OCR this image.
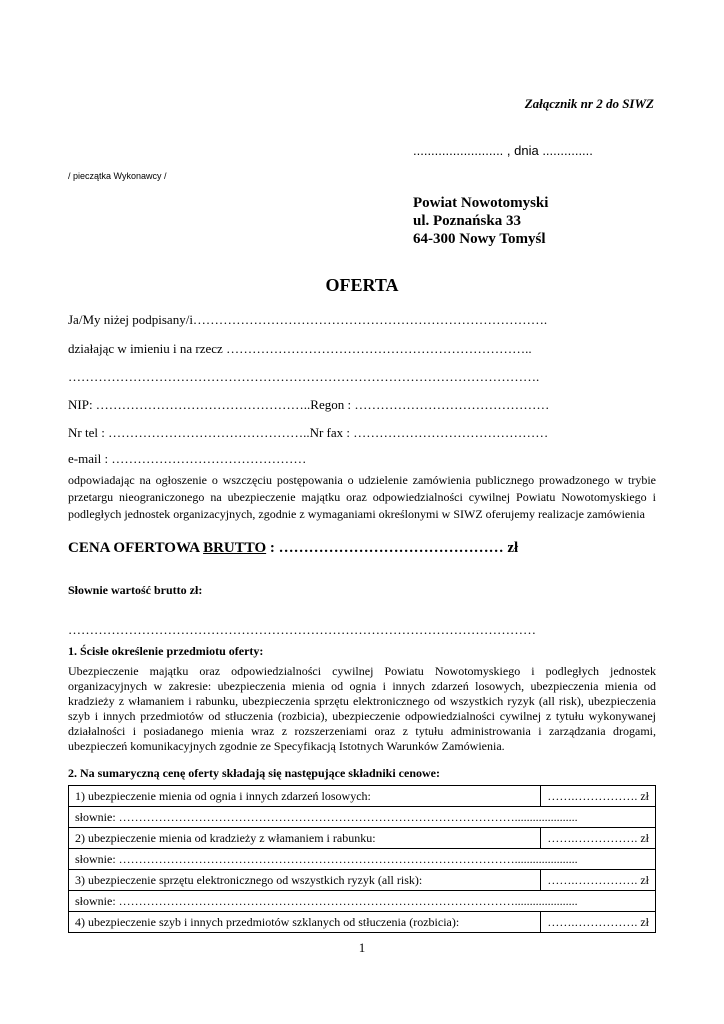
Załącznik nr 2 do SIWZ
......................... , dnia ..............
/ pieczątka Wykonawcy /
Powiat Nowotomyski
ul. Poznańska 33
64-300 Nowy Tomyśl
OFERTA
Ja/My niżej podpisany/i……………………………………………………………………….
działając w imieniu i na rzecz ……………………………………………………………..
……………………………………………………………………………………………….
NIP: …………………………………………..Regon : ………………………………………
Nr tel : ………………………………………..Nr fax : ………………………………………
e-mail : ………………………………………
odpowiadając na ogłoszenie o wszczęciu postępowania o udzielenie zamówienia publicznego prowadzonego w trybie przetargu nieograniczonego na ubezpieczenie majątku oraz odpowiedzialności cywilnej Powiatu Nowotomyskiego i podległych jednostek organizacyjnych, zgodnie z wymaganiami określonymi w SIWZ oferujemy realizacje zamówienia
CENA OFERTOWA BRUTTO : ……………………………………… zł
Słownie wartość brutto zł:
………………………………………………………………………………………………
1. Ścisłe określenie przedmiotu oferty:
Ubezpieczenie majątku oraz odpowiedzialności cywilnej Powiatu Nowotomyskiego i podległych jednostek organizacyjnych w zakresie: ubezpieczenia mienia od ognia i innych zdarzeń losowych, ubezpieczenia mienia od kradzieży z włamaniem i rabunku, ubezpieczenia sprzętu elektronicznego od wszystkich ryzyk (all risk), ubezpieczenia szyb i innych przedmiotów od stłuczenia (rozbicia), ubezpieczenie odpowiedzialności cywilnej z tytułu wykonywanej działalności i posiadanego mienia wraz z rozszerzeniami oraz z tytułu administrowania i zarządzania drogami, ubezpieczeń komunikacyjnych zgodnie ze Specyfikacją Istotnych Warunków Zamówienia.
2. Na sumaryczną cenę oferty składają się następujące składniki cenowe:
1) ubezpieczenie mienia od ognia i innych zdarzeń losowych:	…….……………. zł
słownie: ……………………………………………………………………………………….....................	
2) ubezpieczenie mienia od kradzieży z włamaniem i rabunku:	…….……………. zł
słownie: ……………………………………………………………………………………….....................	
3) ubezpieczenie sprzętu elektronicznego od wszystkich ryzyk (all risk):	…….……………. zł
słownie: ……………………………………………………………………………………….....................	
4) ubezpieczenie szyb i innych przedmiotów szklanych od stłuczenia (rozbicia):	…….……………. zł
1
